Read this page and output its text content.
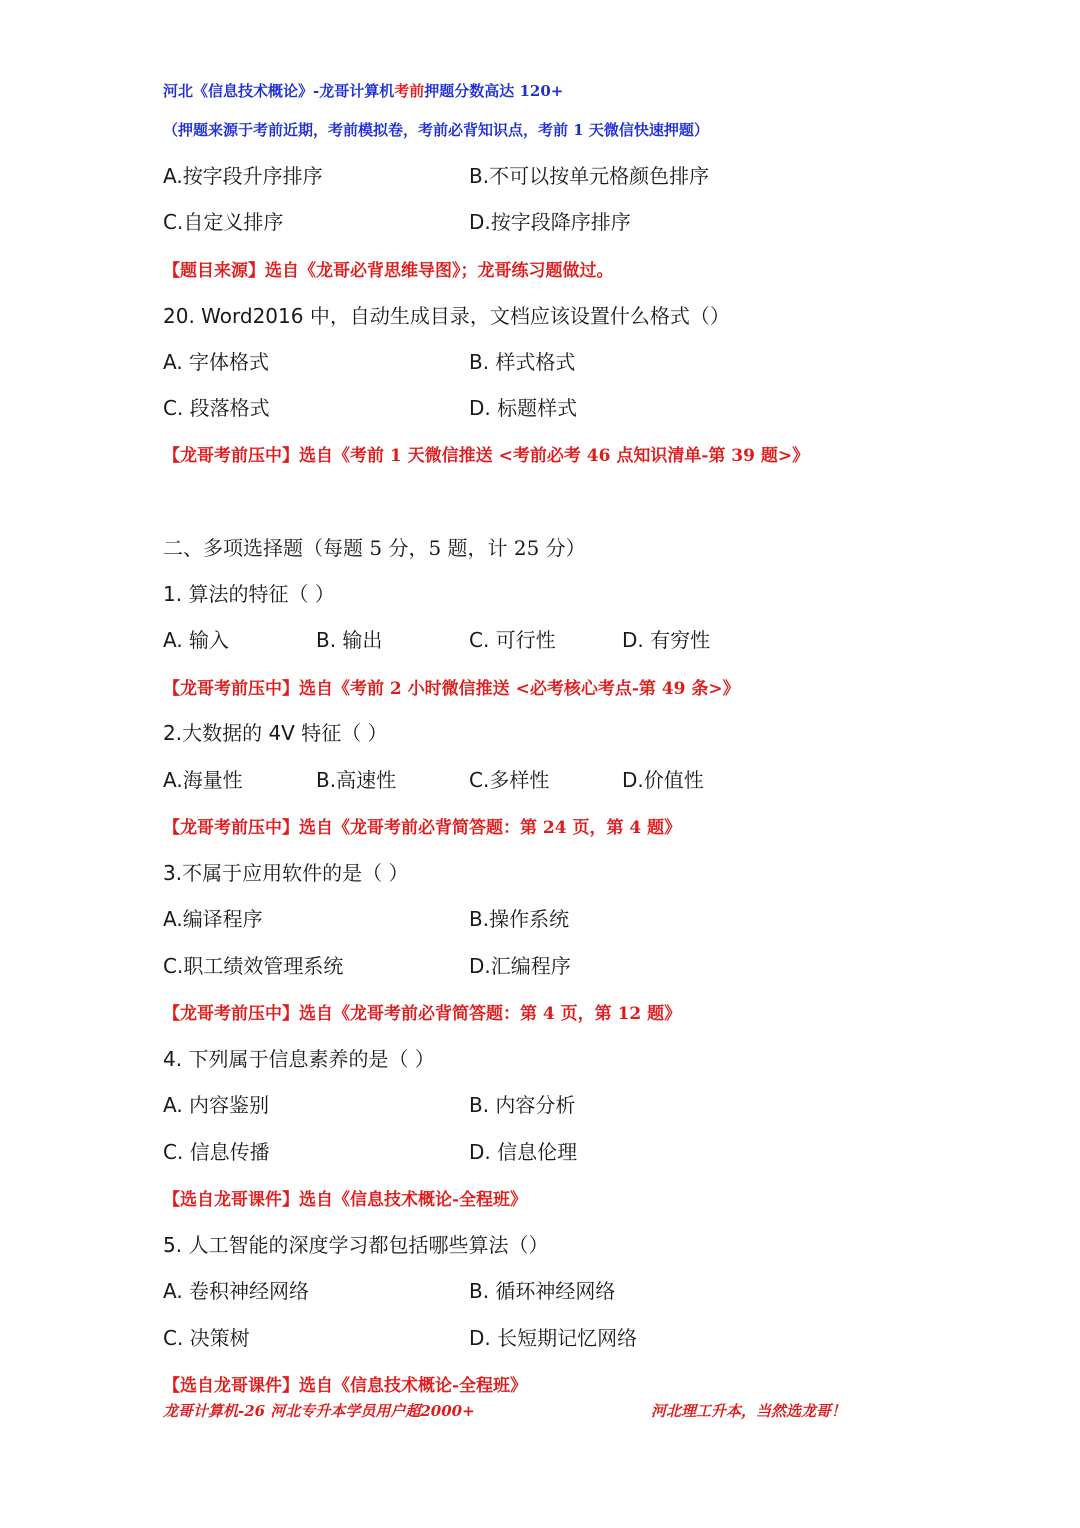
河北《信息技术概论》-龙哥计算机考前押题分数高达 120+
（押题来源于考前近期，考前模拟卷，考前必背知识点，考前 1 天微信快速押题）
A.按字段升序排序	B.不可以按单元格颜色排序
C.自定义排序	D.按字段降序排序
【题目来源】选自《龙哥必背思维导图》；龙哥练习题做过。
20. Word2016 中，自动生成目录，文档应该设置什么格式（）
A. 字体格式	B. 样式格式
C. 段落格式	D. 标题样式
【龙哥考前压中】选自《考前 1 天微信推送 <考前必考 46 点知识清单-第 39 题>》
二、多项选择题（每题 5 分，5 题，计 25 分）
1. 算法的特征（ ）
A. 输入	B. 输出	C. 可行性	D. 有穷性
【龙哥考前压中】选自《考前 2 小时微信推送 <必考核心考点-第 49 条>》
2.大数据的 4V 特征（ ）
A.海量性	B.高速性	C.多样性	D.价值性
【龙哥考前压中】选自《龙哥考前必背简答题：第 24 页，第 4 题》
3.不属于应用软件的是（ ）
A.编译程序	B.操作系统
C.职工绩效管理系统	D.汇编程序
【龙哥考前压中】选自《龙哥考前必背简答题：第 4 页，第 12 题》
4. 下列属于信息素养的是（ ）
A. 内容鉴别	B. 内容分析
C. 信息传播	D. 信息伦理
【选自龙哥课件】选自《信息技术概论-全程班》
5. 人工智能的深度学习都包括哪些算法（）
A. 卷积神经网络	B. 循环神经网络
C. 决策树	D. 长短期记忆网络
【选自龙哥课件】选自《信息技术概论-全程班》
龙哥计算机-26 河北专升本学员用户超2000+	河北理工升本，当然选龙哥！
